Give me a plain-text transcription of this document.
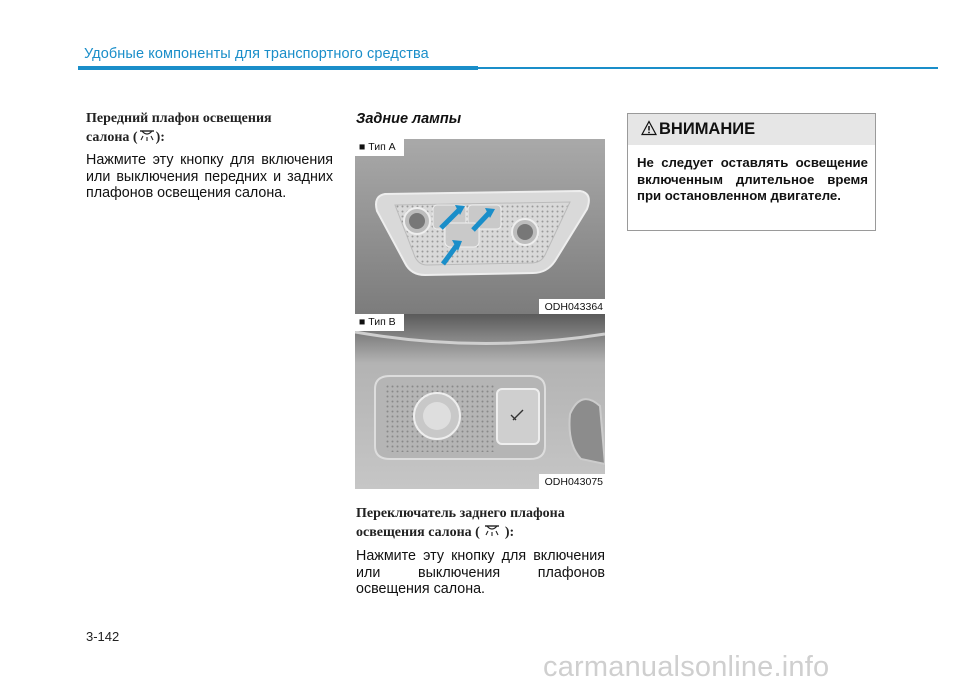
Удобные компоненты для транспортного средства
Передний плафон освещения
салона ( ):
Нажмите эту кнопку для включения или выключения передних и задних плафонов освещения салона.
Задние лампы
■ Тип A
ODH043364
■ Тип B
ODH043075
Переключатель заднего плафона
освещения салона ( ):
Нажмите эту кнопку для включения или выключения плафонов освещения салона.
ВНИМАНИЕ
Не следует оставлять освещение включенным длительное время при остановленном двигателе.
3-142
carmanualsonline.info
